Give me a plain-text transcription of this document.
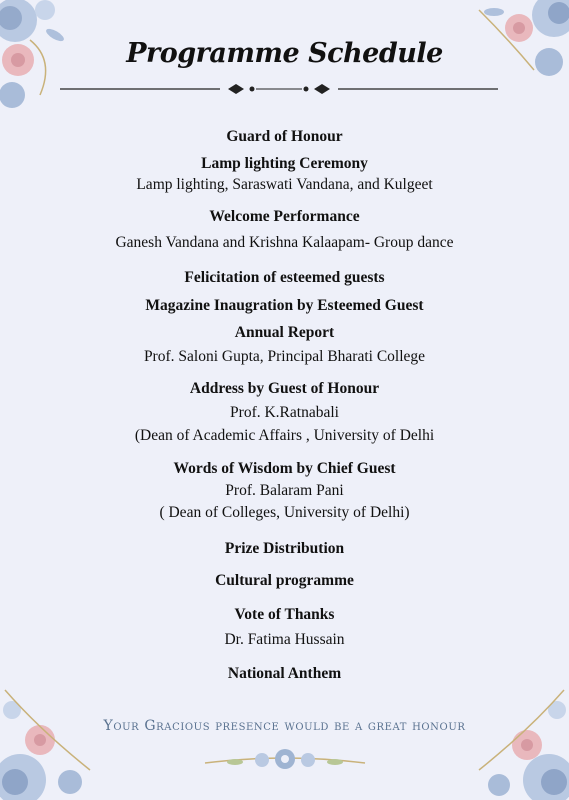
Programme Schedule
Guard of Honour
Lamp lighting Ceremony
Lamp lighting, Saraswati Vandana, and Kulgeet
Welcome Performance
Ganesh Vandana and Krishna Kalaapam- Group dance
Felicitation of esteemed guests
Magazine Inaugration by Esteemed Guest
Annual Report
Prof. Saloni Gupta, Principal Bharati College
Address by Guest of Honour
Prof. K.Ratnabali
(Dean of Academic Affairs , University of Delhi
Words of Wisdom by Chief Guest
Prof. Balaram Pani
( Dean of Colleges, University of Delhi)
Prize Distribution
Cultural programme
Vote of Thanks
Dr. Fatima Hussain
National Anthem
Your Gracious presence would be a great honour
